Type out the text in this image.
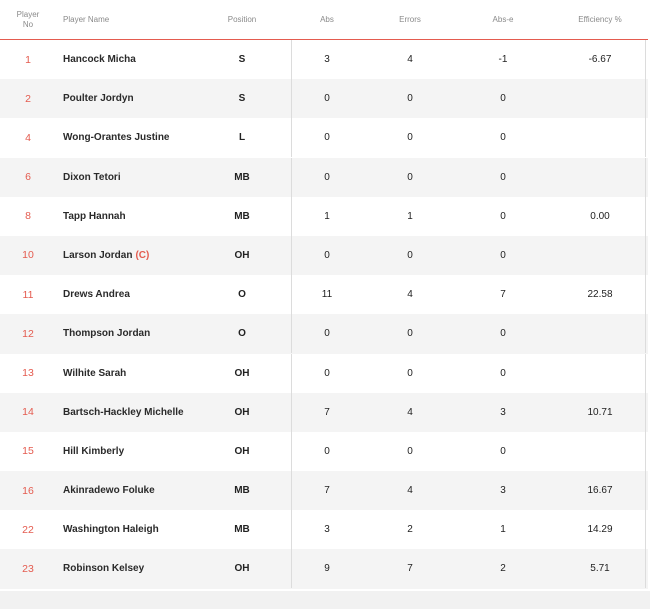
Player
No	Player Name	Position	Abs	Errors	Abs-e	Efficiency %
1	Hancock Micha	S	3	4	-1	-6.67
2	Poulter Jordyn	S	0	0	0
4	Wong-Orantes Justine	L	0	0	0
6	Dixon Tetori	MB	0	0	0
8	Tapp Hannah	MB	1	1	0	0.00
10	Larson Jordan (C)	OH	0	0	0
11	Drews Andrea	O	11	4	7	22.58
12	Thompson Jordan	O	0	0	0
13	Wilhite Sarah	OH	0	0	0
14	Bartsch-Hackley Michelle	OH	7	4	3	10.71
15	Hill Kimberly	OH	0	0	0
16	Akinradewo Foluke	MB	7	4	3	16.67
22	Washington Haleigh	MB	3	2	1	14.29
23	Robinson Kelsey	OH	9	7	2	5.71
